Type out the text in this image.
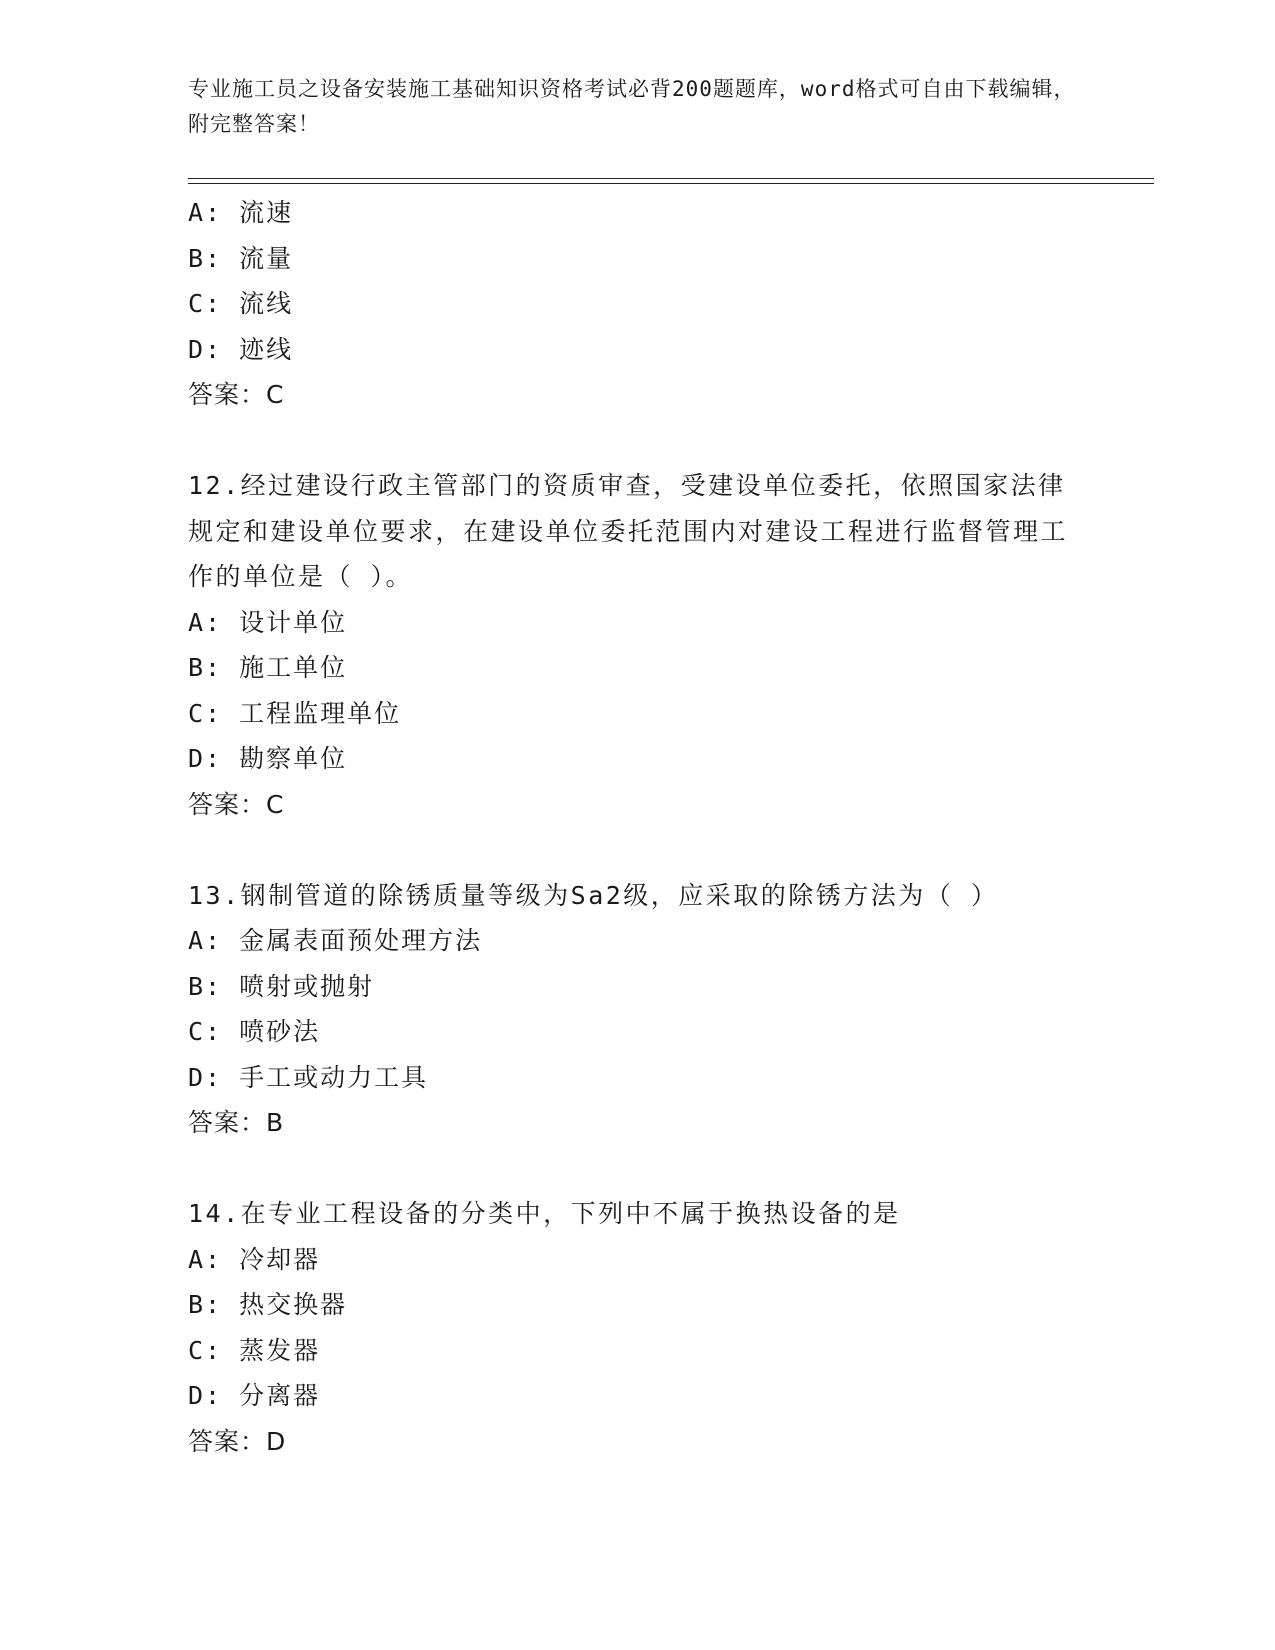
专业施工员之设备安装施工基础知识资格考试必背200题题库，word格式可自由下载编辑，附完整答案！
A: 流速
B: 流量
C: 流线
D: 迹线
答案：C
12.经过建设行政主管部门的资质审查，受建设单位委托，依照国家法律规定和建设单位要求，在建设单位委托范围内对建设工程进行监督管理工作的单位是（ ）。
A: 设计单位
B: 施工单位
C: 工程监理单位
D: 勘察单位
答案：C
13.钢制管道的除锈质量等级为Sa2级，应采取的除锈方法为（ ）
A: 金属表面预处理方法
B: 喷射或抛射
C: 喷砂法
D: 手工或动力工具
答案：B
14.在专业工程设备的分类中，下列中不属于换热设备的是
A: 冷却器
B: 热交换器
C: 蒸发器
D: 分离器
答案：D
